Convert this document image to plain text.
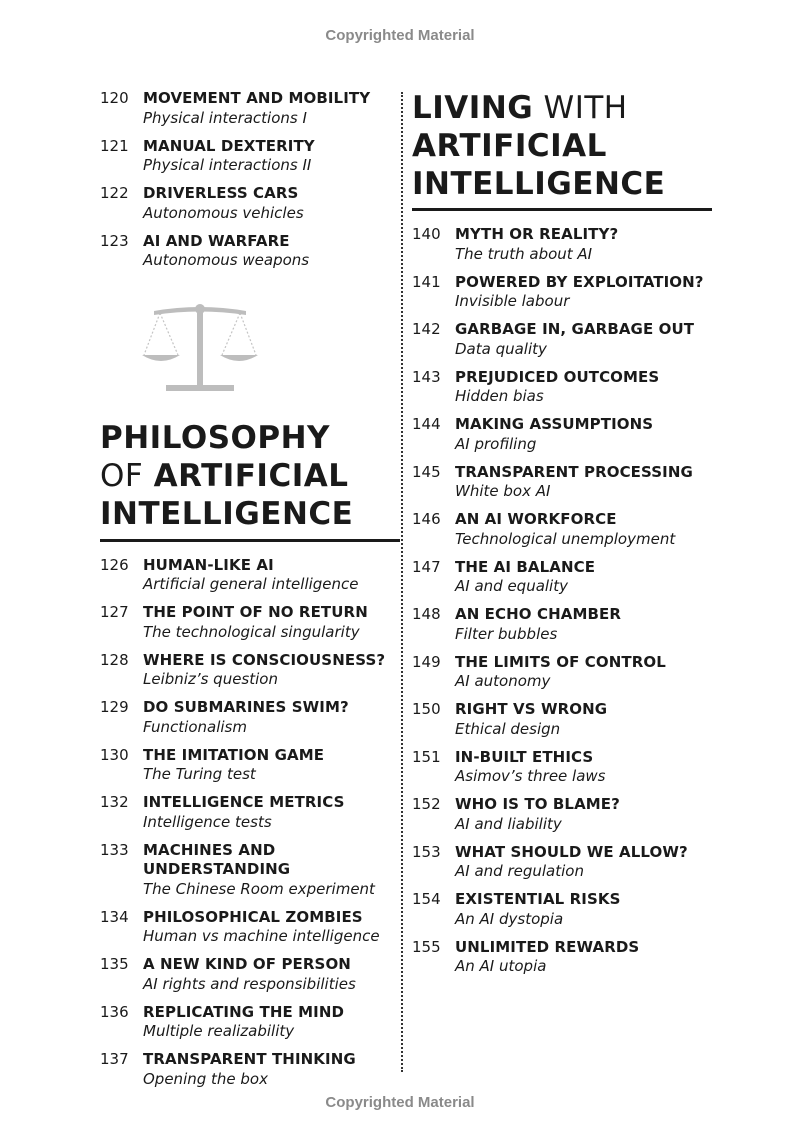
Copyrighted Material
120 MOVEMENT AND MOBILITY
Physical interactions I
121 MANUAL DEXTERITY
Physical interactions II
122 DRIVERLESS CARS
Autonomous vehicles
123 AI AND WARFARE
Autonomous weapons
PHILOSOPHY
OF ARTIFICIAL
INTELLIGENCE
126 HUMAN-LIKE AI
Artificial general intelligence
127 THE POINT OF NO RETURN
The technological singularity
128 WHERE IS CONSCIOUSNESS?
Leibniz’s question
129 DO SUBMARINES SWIM?
Functionalism
130 THE IMITATION GAME
The Turing test
132 INTELLIGENCE METRICS
Intelligence tests
133 MACHINES AND UNDERSTANDING
The Chinese Room experiment
134 PHILOSOPHICAL ZOMBIES
Human vs machine intelligence
135 A NEW KIND OF PERSON
AI rights and responsibilities
136 REPLICATING THE MIND
Multiple realizability
137 TRANSPARENT THINKING
Opening the box
LIVING WITH
ARTIFICIAL
INTELLIGENCE
140 MYTH OR REALITY?
The truth about AI
141 POWERED BY EXPLOITATION?
Invisible labour
142 GARBAGE IN, GARBAGE OUT
Data quality
143 PREJUDICED OUTCOMES
Hidden bias
144 MAKING ASSUMPTIONS
AI profiling
145 TRANSPARENT PROCESSING
White box AI
146 AN AI WORKFORCE
Technological unemployment
147 THE AI BALANCE
AI and equality
148 AN ECHO CHAMBER
Filter bubbles
149 THE LIMITS OF CONTROL
AI autonomy
150 RIGHT VS WRONG
Ethical design
151 IN-BUILT ETHICS
Asimov’s three laws
152 WHO IS TO BLAME?
AI and liability
153 WHAT SHOULD WE ALLOW?
AI and regulation
154 EXISTENTIAL RISKS
An AI dystopia
155 UNLIMITED REWARDS
An AI utopia
Copyrighted Material
